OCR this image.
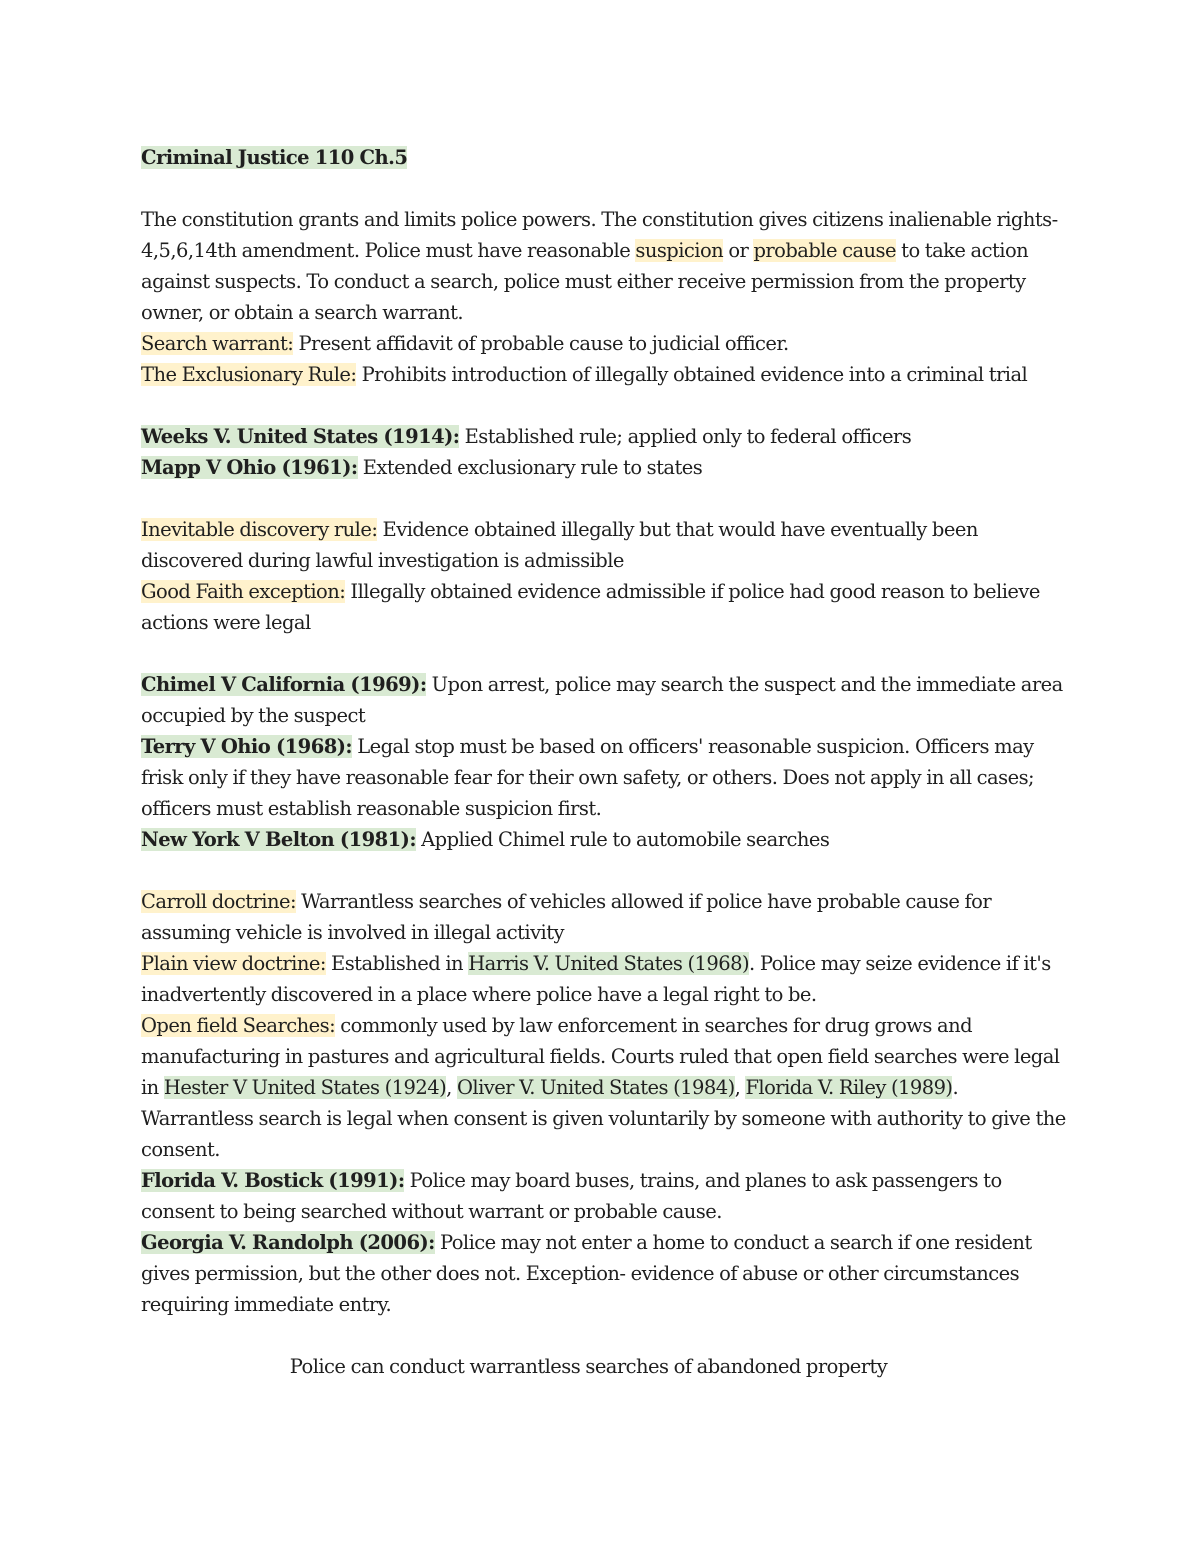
Criminal Justice 110 Ch.5

The constitution grants and limits police powers. The constitution gives citizens inalienable rights- 4,5,6,14th amendment. Police must have reasonable suspicion or probable cause to take action against suspects. To conduct a search, police must either receive permission from the property owner, or obtain a search warrant.

Search warrant: Present affidavit of probable cause to judicial officer.

The Exclusionary Rule: Prohibits introduction of illegally obtained evidence into a criminal trial

Weeks V. United States (1914): Established rule; applied only to federal officers

Mapp V Ohio (1961): Extended exclusionary rule to states

Inevitable discovery rule: Evidence obtained illegally but that would have eventually been discovered during lawful investigation is admissible

Good Faith exception: Illegally obtained evidence admissible if police had good reason to believe actions were legal

Chimel V California (1969): Upon arrest, police may search the suspect and the immediate area occupied by the suspect

Terry V Ohio (1968): Legal stop must be based on officers' reasonable suspicion. Officers may frisk only if they have reasonable fear for their own safety, or others. Does not apply in all cases; officers must establish reasonable suspicion first.

New York V Belton (1981): Applied Chimel rule to automobile searches

Carroll doctrine: Warrantless searches of vehicles allowed if police have probable cause for assuming vehicle is involved in illegal activity

Plain view doctrine: Established in Harris V. United States (1968). Police may seize evidence if it's inadvertently discovered in a place where police have a legal right to be.

Open field Searches: commonly used by law enforcement in searches for drug grows and manufacturing in pastures and agricultural fields. Courts ruled that open field searches were legal in Hester V United States (1924), Oliver V. United States (1984), Florida V. Riley (1989).

Warrantless search is legal when consent is given voluntarily by someone with authority to give the consent.

Florida V. Bostick (1991): Police may board buses, trains, and planes to ask passengers to consent to being searched without warrant or probable cause.

Georgia V. Randolph (2006): Police may not enter a home to conduct a search if one resident gives permission, but the other does not. Exception- evidence of abuse or other circumstances requiring immediate entry.

Police can conduct warrantless searches of abandoned property
